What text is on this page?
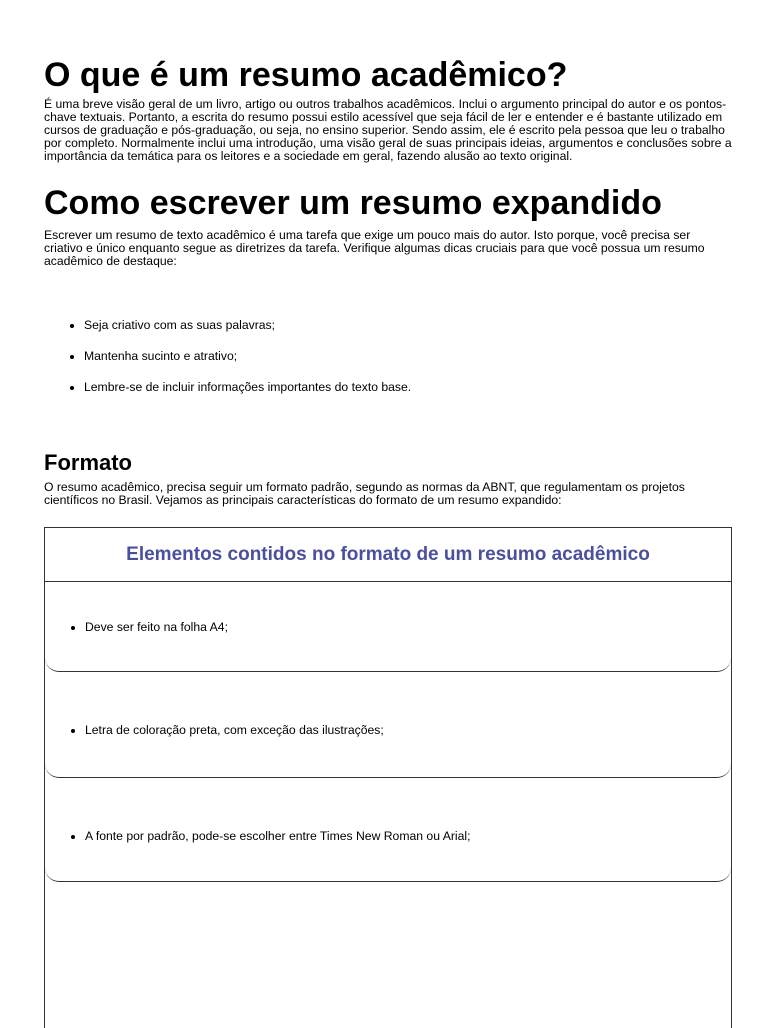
O que é um resumo acadêmico?

É uma breve visão geral de um livro, artigo ou outros trabalhos acadêmicos. Inclui o argumento principal do autor e os pontos-chave textuais. Portanto, a escrita do resumo possui estilo acessível que seja fácil de ler e entender e é bastante utilizado em cursos de graduação e pós-graduação, ou seja, no ensino superior. Sendo assim, ele é escrito pela pessoa que leu o trabalho por completo. Normalmente inclui uma introdução, uma visão geral de suas principais ideias, argumentos e conclusões sobre a importância da temática para os leitores e a sociedade em geral, fazendo alusão ao texto original.

Como escrever um resumo expandido

Escrever um resumo de texto acadêmico é uma tarefa que exige um pouco mais do autor. Isto porque, você precisa ser criativo e único enquanto segue as diretrizes da tarefa. Verifique algumas dicas cruciais para que você possua um resumo acadêmico de destaque:

• Seja criativo com as suas palavras;
• Mantenha sucinto e atrativo;
• Lembre-se de incluir informações importantes do texto base.
Formato

O resumo acadêmico, precisa seguir um formato padrão, segundo as normas da ABNT, que regulamentam os projetos científicos no Brasil. Vejamos as principais características do formato de um resumo expandido:

Elementos contidos no formato de um resumo acadêmico
• Deve ser feito na folha A4;
• Letra de coloração preta, com exceção das ilustrações;
• A fonte por padrão, pode-se escolher entre Times New Roman ou Arial;
